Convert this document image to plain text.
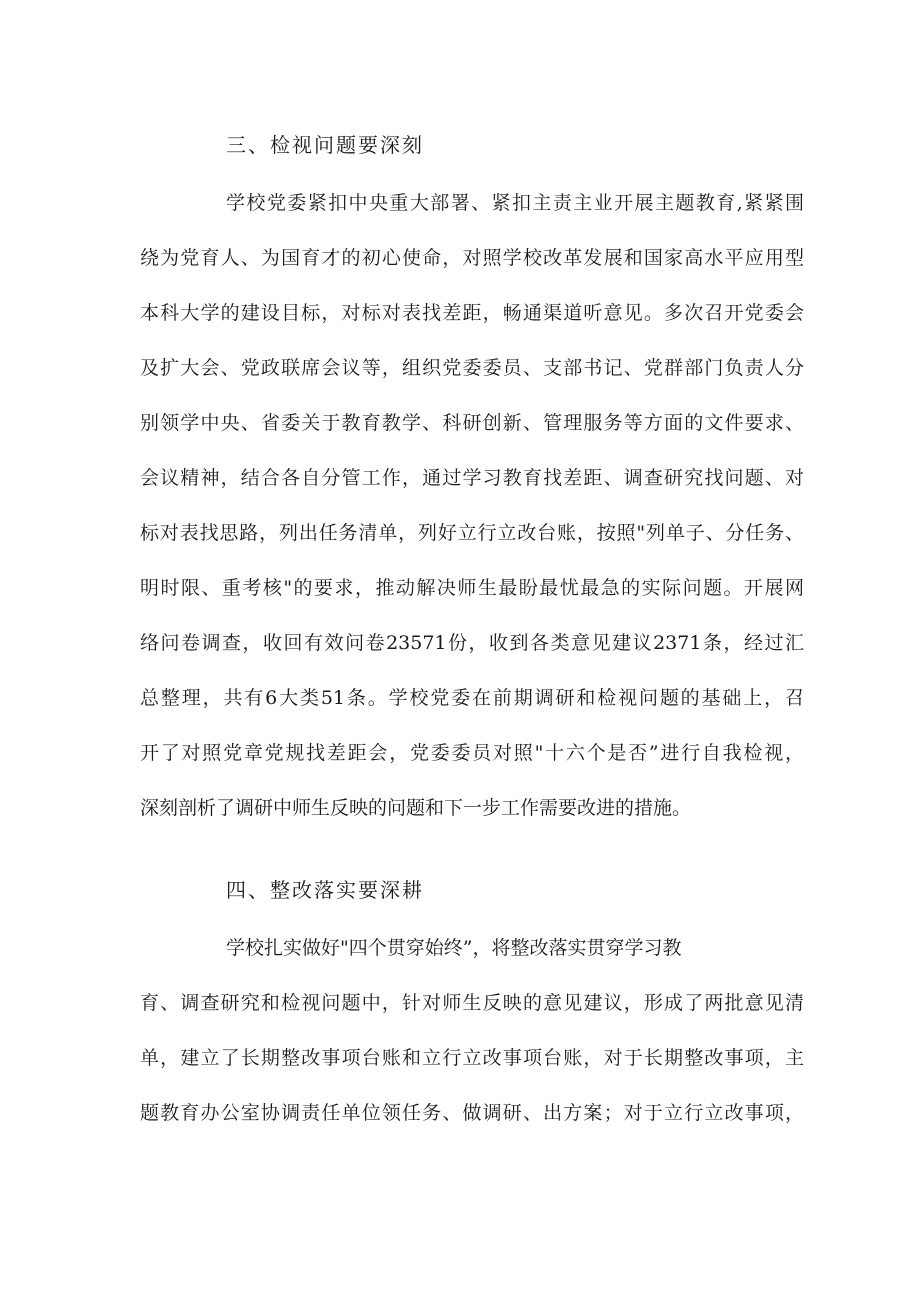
三、检视问题要深刻
学校党委紧扣中央重大部署、紧扣主责主业开展主题教育,紧紧围
绕为党育人、为国育才的初心使命，对照学校改革发展和国家高水平应用型
本科大学的建设目标，对标对表找差距，畅通渠道听意见。多次召开党委会
及扩大会、党政联席会议等，组织党委委员、支部书记、党群部门负责人分
别领学中央、省委关于教育教学、科研创新、管理服务等方面的文件要求、
会议精神，结合各自分管工作，通过学习教育找差距、调查研究找问题、对
标对表找思路，列出任务清单，列好立行立改台账，按照"列单子、分任务、
明时限、重考核"的要求，推动解决师生最盼最忧最急的实际问题。开展网
络问卷调查，收回有效问卷23571份，收到各类意见建议2371条，经过汇
总整理，共有6大类51条。学校党委在前期调研和检视问题的基础上，召
开了对照党章党规找差距会，党委委员对照"十六个是否”进行自我检视，
深刻剖析了调研中师生反映的问题和下一步工作需要改进的措施。
四、整改落实要深耕
学校扎实做好"四个贯穿始终”，将整改落实贯穿学习教
育、调查研究和检视问题中，针对师生反映的意见建议，形成了两批意见清
单，建立了长期整改事项台账和立行立改事项台账，对于长期整改事项，主
题教育办公室协调责任单位领任务、做调研、出方案；对于立行立改事项，
